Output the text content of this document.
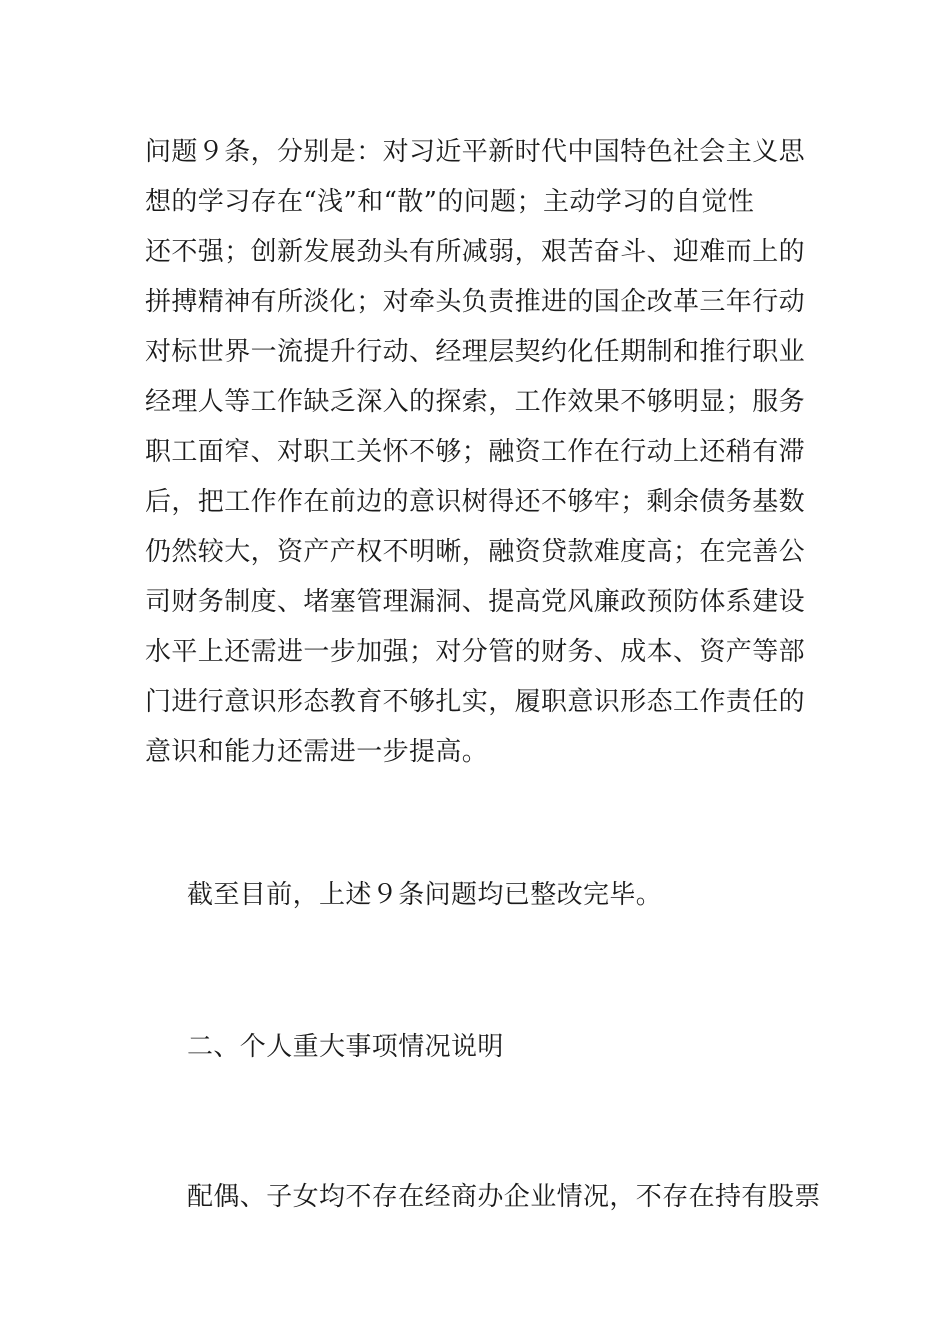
问题９条，分别是：对习近平新时代中国特色社会主义思
想的学习存在“浅”和“散”的问题；主动学习的自觉性
还不强；创新发展劲头有所减弱，艰苦奋斗、迎难而上的
拼搏精神有所淡化；对牵头负责推进的国企改革三年行动
对标世界一流提升行动、经理层契约化任期制和推行职业
经理人等工作缺乏深入的探索，工作效果不够明显；服务
职工面窄、对职工关怀不够；融资工作在行动上还稍有滞
后，把工作作在前边的意识树得还不够牢；剩余债务基数
仍然较大，资产产权不明晰，融资贷款难度高；在完善公
司财务制度、堵塞管理漏洞、提高党风廉政预防体系建设
水平上还需进一步加强；对分管的财务、成本、资产等部
门进行意识形态教育不够扎实，履职意识形态工作责任的
意识和能力还需进一步提高。
截至目前，上述９条问题均已整改完毕。
二、个人重大事项情况说明
配偶、子女均不存在经商办企业情况，不存在持有股票
